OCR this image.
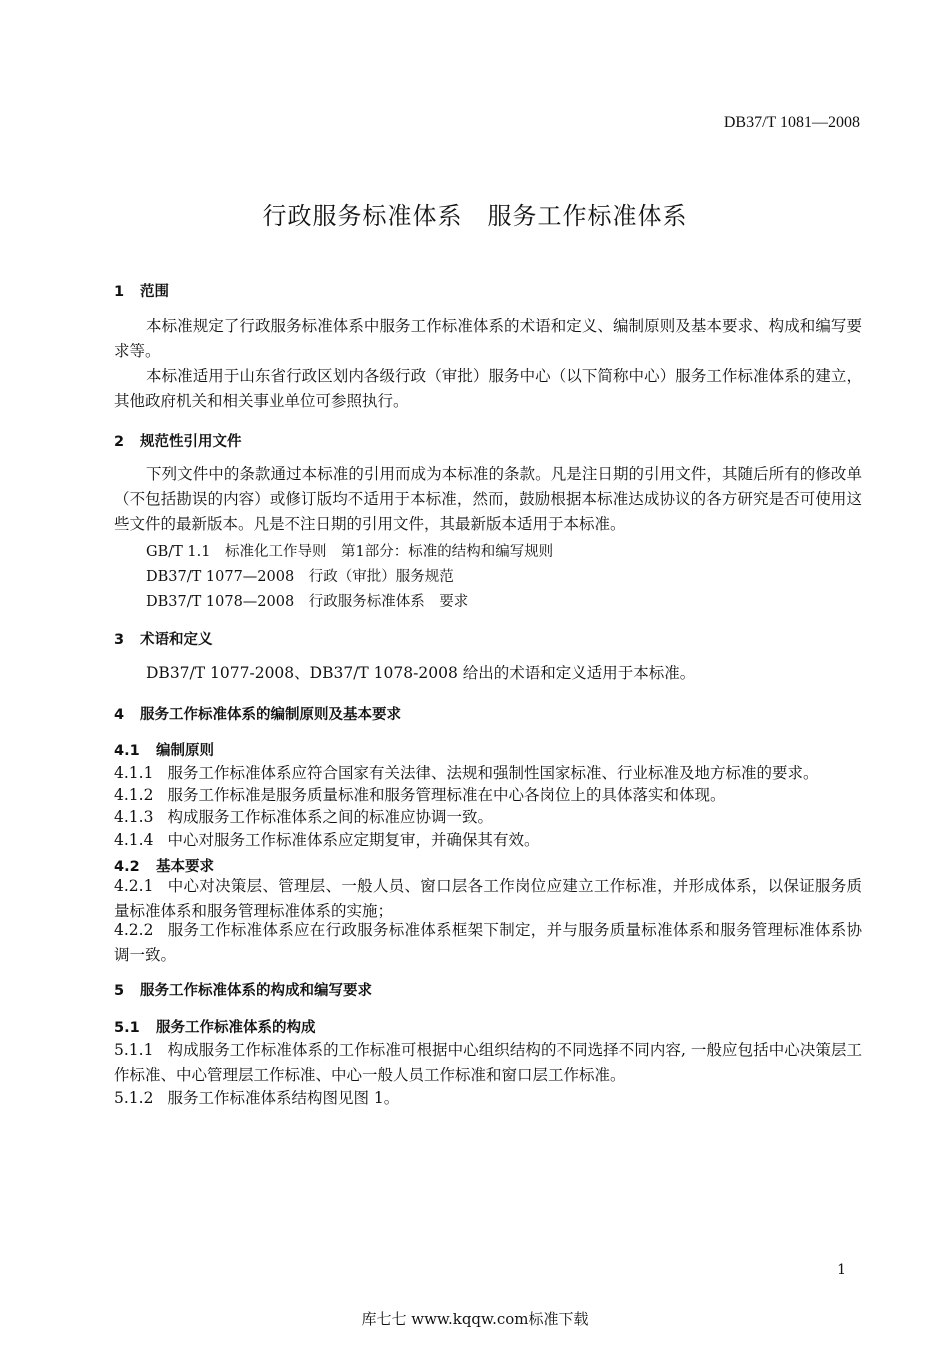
DB37/T 1081—2008
行政服务标准体系　服务工作标准体系
1 范围
本标准规定了行政服务标准体系中服务工作标准体系的术语和定义、编制原则及基本要求、构成和编写要求等。
本标准适用于山东省行政区划内各级行政（审批）服务中心（以下简称中心）服务工作标准体系的建立，其他政府机关和相关事业单位可参照执行。
2 规范性引用文件
下列文件中的条款通过本标准的引用而成为本标准的条款。凡是注日期的引用文件，其随后所有的修改单（不包括勘误的内容）或修订版均不适用于本标准，然而，鼓励根据本标准达成协议的各方研究是否可使用这些文件的最新版本。凡是不注日期的引用文件，其最新版本适用于本标准。
GB/T 1.1　标准化工作导则　第1部分：标准的结构和编写规则
DB37/T 1077—2008　行政（审批）服务规范
DB37/T 1078—2008　行政服务标准体系　要求
3 术语和定义
DB37/T 1077-2008、DB37/T 1078-2008 给出的术语和定义适用于本标准。
4 服务工作标准体系的编制原则及基本要求
4.1 编制原则
4.1.1 服务工作标准体系应符合国家有关法律、法规和强制性国家标准、行业标准及地方标准的要求。
4.1.2 服务工作标准是服务质量标准和服务管理标准在中心各岗位上的具体落实和体现。
4.1.3 构成服务工作标准体系之间的标准应协调一致。
4.1.4 中心对服务工作标准体系应定期复审，并确保其有效。
4.2 基本要求
4.2.1 中心对决策层、管理层、一般人员、窗口层各工作岗位应建立工作标准，并形成体系，以保证服务质量标准体系和服务管理标准体系的实施；
4.2.2 服务工作标准体系应在行政服务标准体系框架下制定，并与服务质量标准体系和服务管理标准体系协调一致。
5 服务工作标准体系的构成和编写要求
5.1 服务工作标准体系的构成
5.1.1 构成服务工作标准体系的工作标准可根据中心组织结构的不同选择不同内容, 一般应包括中心决策层工作标准、中心管理层工作标准、中心一般人员工作标准和窗口层工作标准。
5.1.2 服务工作标准体系结构图见图 1。
1
库七七 www.kqqw.com标准下载
